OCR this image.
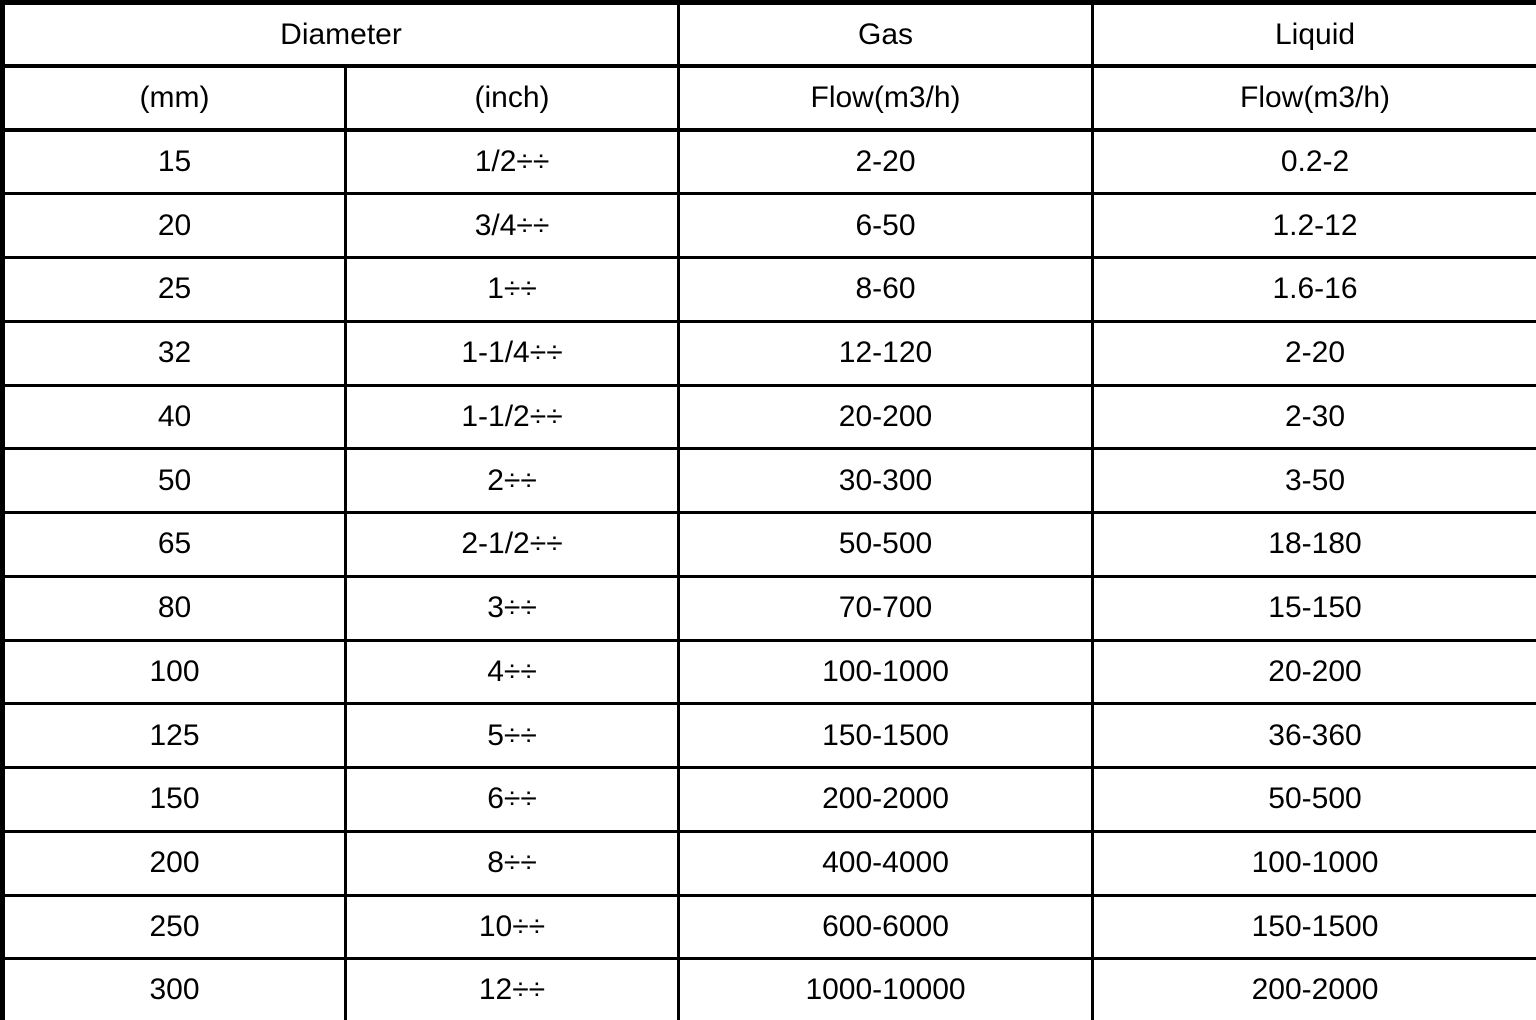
Diameter		Gas	Liquid
(mm)	(inch)	Flow(m3/h)	Flow(m3/h)
15	1/2÷÷	2-20	0.2-2
20	3/4÷÷	6-50	1.2-12
25	1÷÷	8-60	1.6-16
32	1-1/4÷÷	12-120	2-20
40	1-1/2÷÷	20-200	2-30
50	2÷÷	30-300	3-50
65	2-1/2÷÷	50-500	18-180
80	3÷÷	70-700	15-150
100	4÷÷	100-1000	20-200
125	5÷÷	150-1500	36-360
150	6÷÷	200-2000	50-500
200	8÷÷	400-4000	100-1000
250	10÷÷	600-6000	150-1500
300	12÷÷	1000-10000	200-2000
